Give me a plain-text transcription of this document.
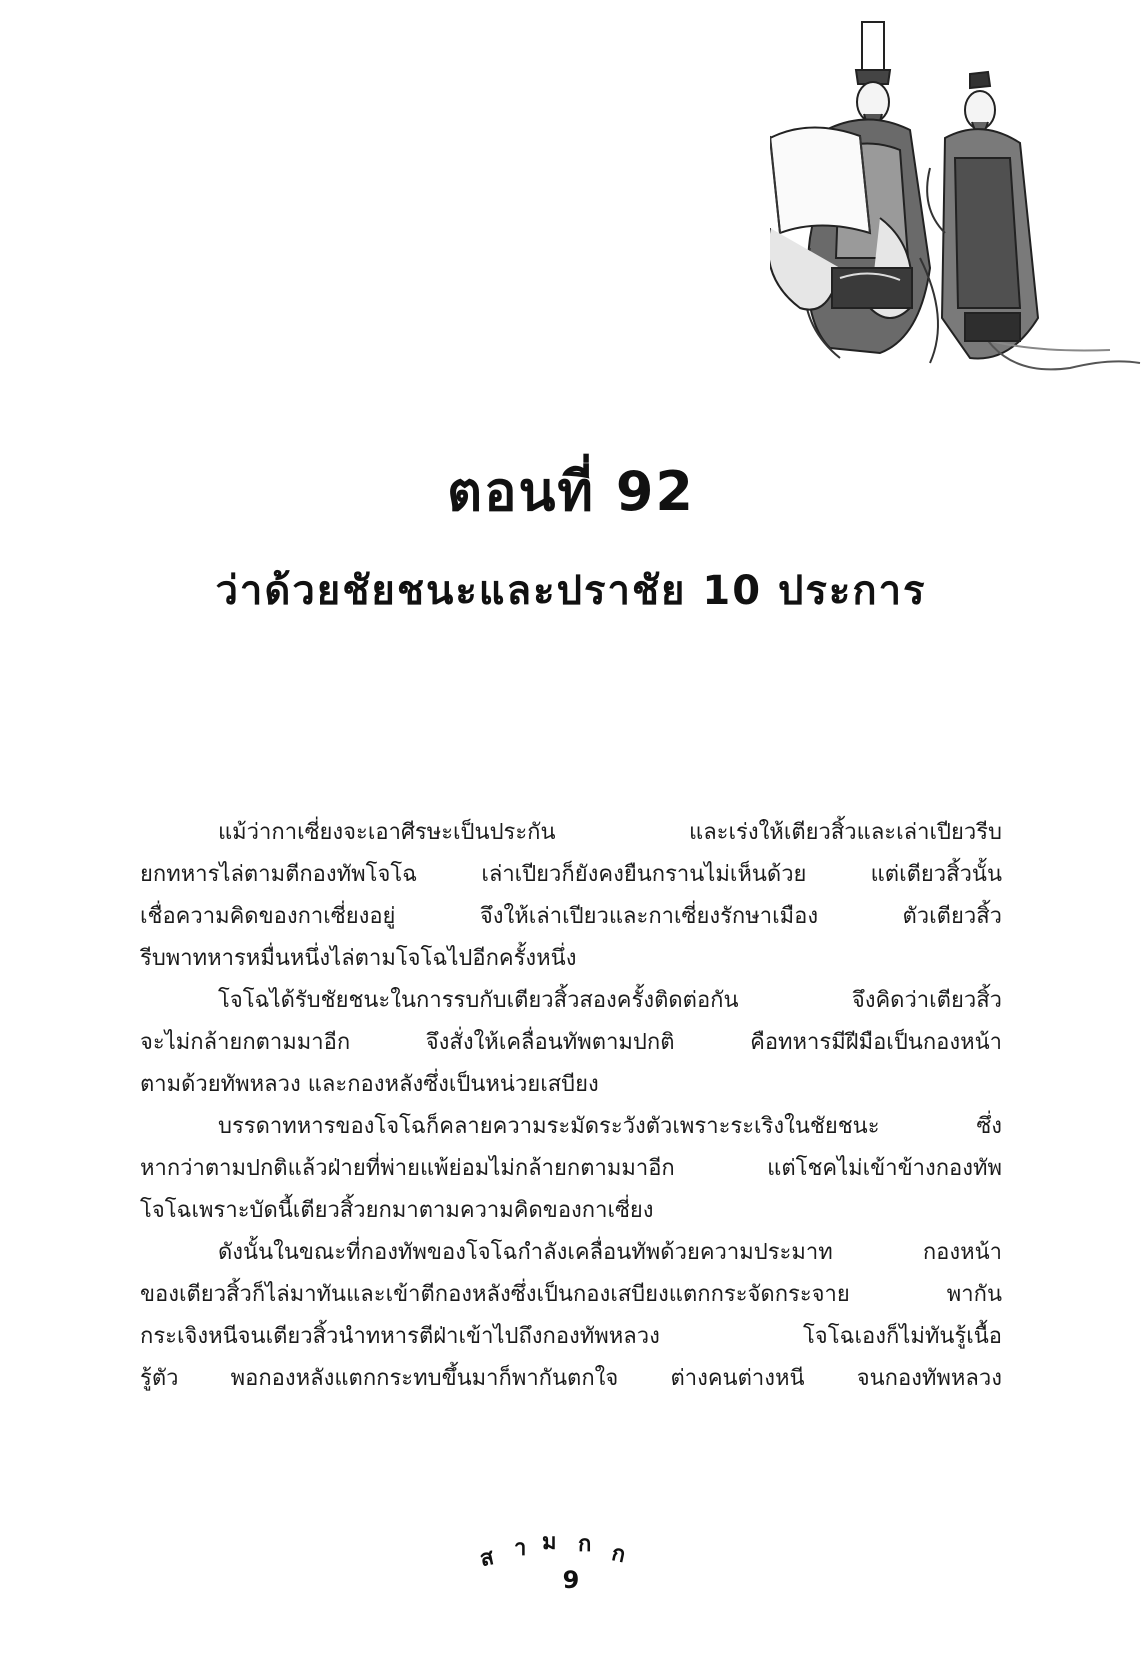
ตอนที่ 92
ว่าด้วยชัยชนะและปราชัย 10 ประการ
แม้ว่ากาเซี่ยงจะเอาศีรษะเป็นประกัน และเร่งให้เตียวสิ้วและเล่าเปียวรีบ
ยกทหารไล่ตามตีกองทัพโจโฉ เล่าเปียวก็ยังคงยืนกรานไม่เห็นด้วย แต่เตียวสิ้วนั้น
เชื่อความคิดของกาเซี่ยงอยู่ จึงให้เล่าเปียวและกาเซี่ยงรักษาเมือง ตัวเตียวสิ้ว
รีบพาทหารหมื่นหนึ่งไล่ตามโจโฉไปอีกครั้งหนึ่ง
โจโฉได้รับชัยชนะในการรบกับเตียวสิ้วสองครั้งติดต่อกัน จึงคิดว่าเตียวสิ้ว
จะไม่กล้ายกตามมาอีก จึงสั่งให้เคลื่อนทัพตามปกติ คือทหารมีฝีมือเป็นกองหน้า
ตามด้วยทัพหลวง และกองหลังซึ่งเป็นหน่วยเสบียง
บรรดาทหารของโจโฉก็คลายความระมัดระวังตัวเพราะระเริงในชัยชนะ ซึ่ง
หากว่าตามปกติแล้วฝ่ายที่พ่ายแพ้ย่อมไม่กล้ายกตามมาอีก แต่โชคไม่เข้าข้างกองทัพ
โจโฉเพราะบัดนี้เตียวสิ้วยกมาตามความคิดของกาเซี่ยง
ดังนั้นในขณะที่กองทัพของโจโฉกำลังเคลื่อนทัพด้วยความประมาท กองหน้า
ของเตียวสิ้วก็ไล่มาทันและเข้าตีกองหลังซึ่งเป็นกองเสบียงแตกกระจัดกระจาย พากัน
กระเจิงหนีจนเตียวสิ้วนำทหารตีฝ่าเข้าไปถึงกองทัพหลวง โจโฉเองก็ไม่ทันรู้เนื้อ
รู้ตัว พอกองหลังแตกกระทบขึ้นมาก็พากันตกใจ ต่างคนต่างหนี จนกองทัพหลวง
ส า ม ก ก
9
